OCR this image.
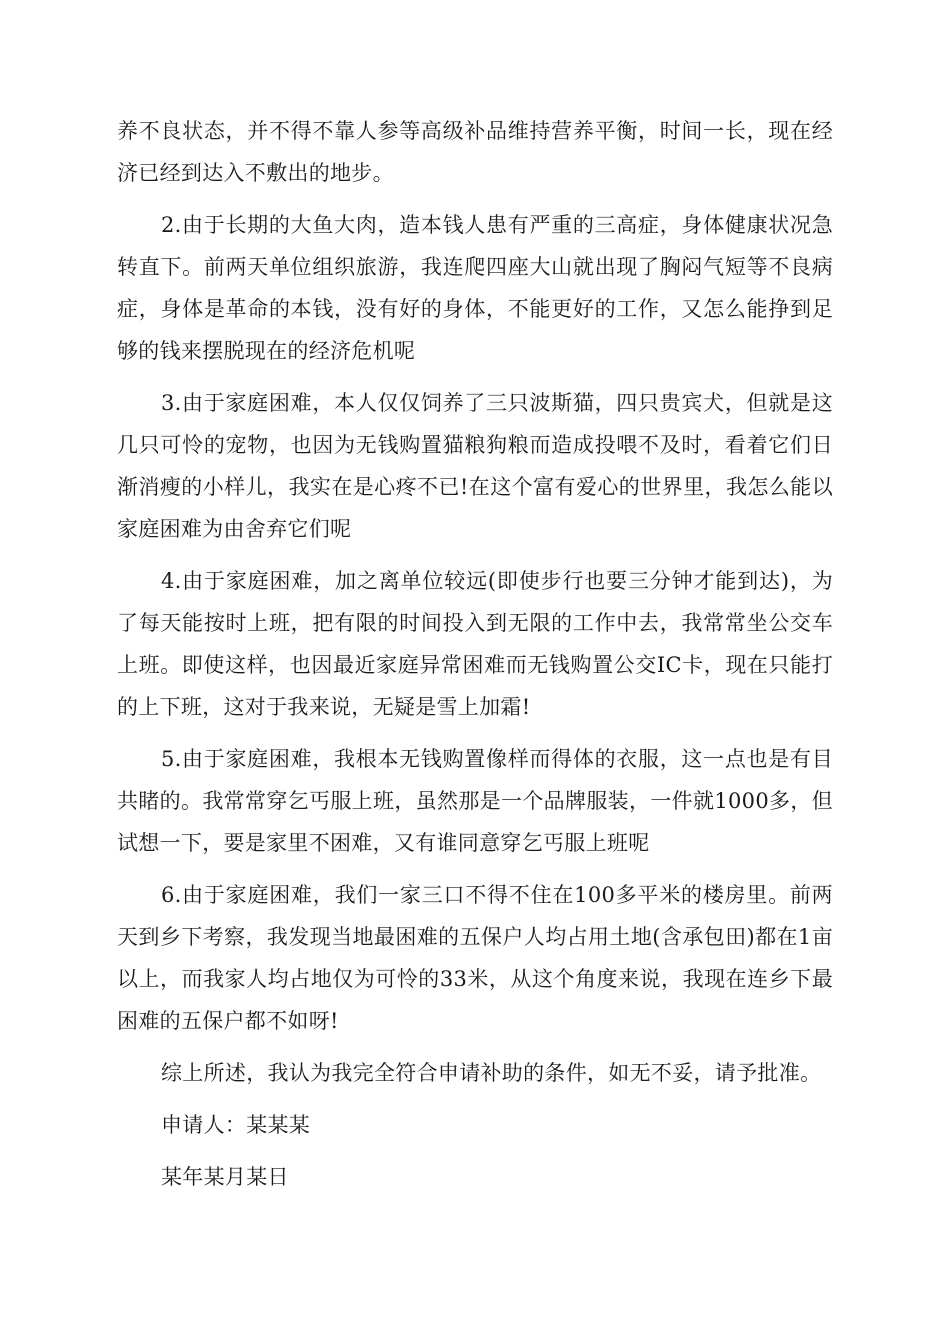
养不良状态，并不得不靠人参等高级补品维持营养平衡，时间一长，现在经济已经到达入不敷出的地步。

2.由于长期的大鱼大肉，造本钱人患有严重的三高症，身体健康状况急转直下。前两天单位组织旅游，我连爬四座大山就出现了胸闷气短等不良病症，身体是革命的本钱，没有好的身体，不能更好的工作，又怎么能挣到足够的钱来摆脱现在的经济危机呢

3.由于家庭困难，本人仅仅饲养了三只波斯猫，四只贵宾犬，但就是这几只可怜的宠物，也因为无钱购置猫粮狗粮而造成投喂不及时，看着它们日渐消瘦的小样儿，我实在是心疼不已!在这个富有爱心的世界里，我怎么能以家庭困难为由舍弃它们呢

4.由于家庭困难，加之离单位较远(即使步行也要三分钟才能到达)，为了每天能按时上班，把有限的时间投入到无限的工作中去，我常常坐公交车上班。即使这样，也因最近家庭异常困难而无钱购置公交IC卡，现在只能打的上下班，这对于我来说，无疑是雪上加霜!

5.由于家庭困难，我根本无钱购置像样而得体的衣服，这一点也是有目共睹的。我常常穿乞丐服上班，虽然那是一个品牌服装，一件就1000多，但试想一下，要是家里不困难，又有谁同意穿乞丐服上班呢

6.由于家庭困难，我们一家三口不得不住在100多平米的楼房里。前两天到乡下考察，我发现当地最困难的五保户人均占用土地(含承包田)都在1亩以上，而我家人均占地仅为可怜的33米，从这个角度来说，我现在连乡下最困难的五保户都不如呀!

综上所述，我认为我完全符合申请补助的条件，如无不妥，请予批准。

申请人：某某某

某年某月某日
